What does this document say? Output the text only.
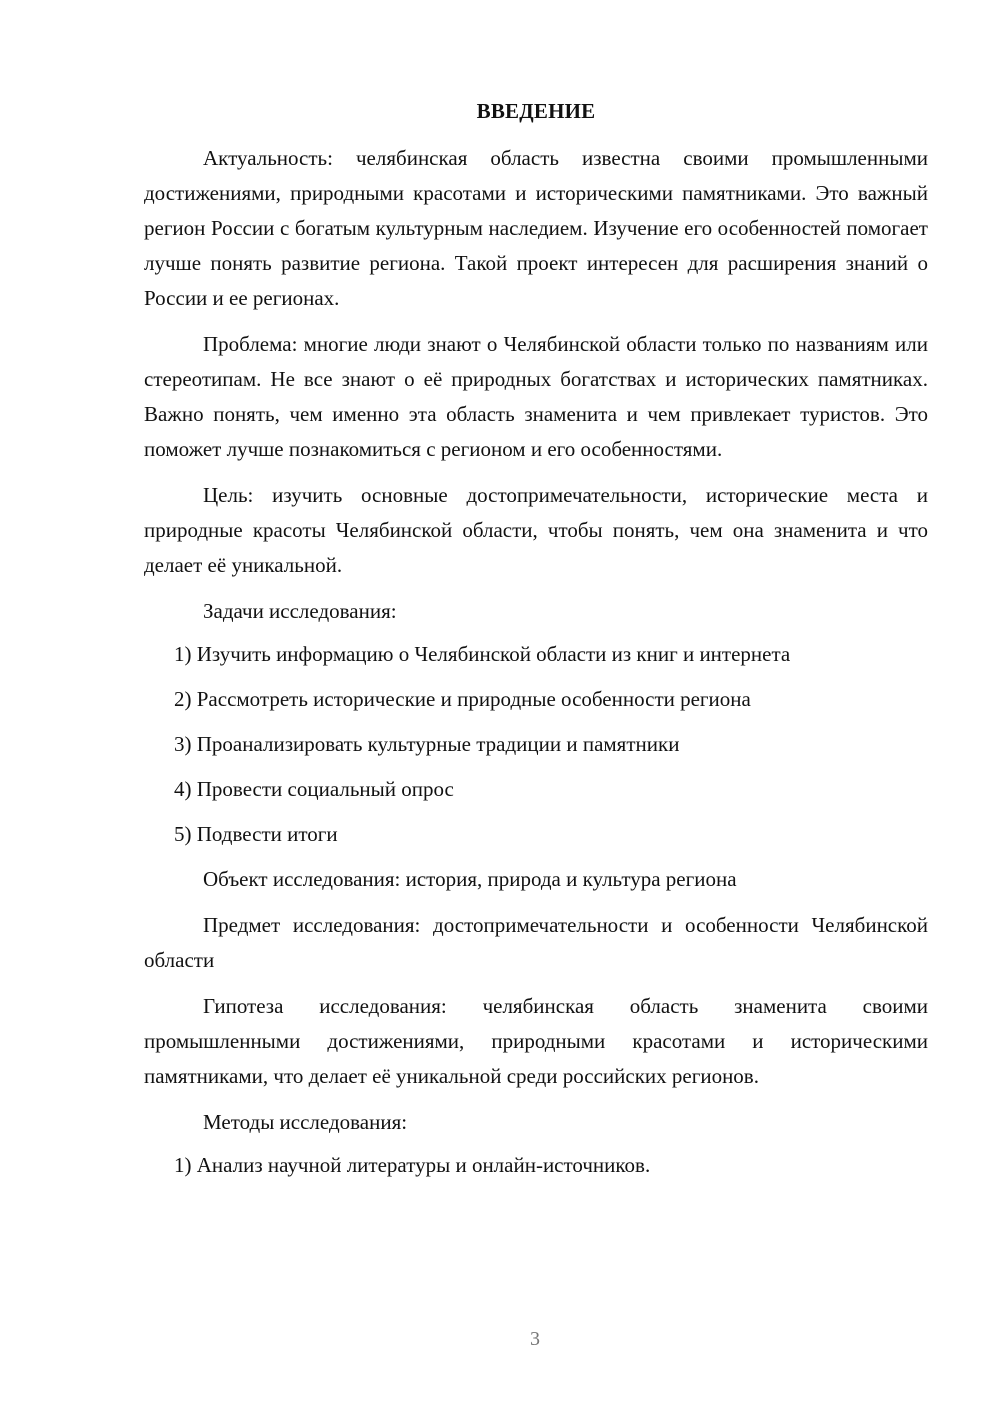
ВВЕДЕНИЕ

Актуальность: челябинская область известна своими промышленными достижениями, природными красотами и историческими памятниками. Это важный регион России с богатым культурным наследием. Изучение его особенностей помогает лучше понять развитие региона. Такой проект интересен для расширения знаний о России и ее регионах.

Проблема: многие люди знают о Челябинской области только по названиям или стереотипам. Не все знают о её природных богатствах и исторических памятниках. Важно понять, чем именно эта область знаменита и чем привлекает туристов. Это поможет лучше познакомиться с регионом и его особенностями.

Цель: изучить основные достопримечательности, исторические места и природные красоты Челябинской области, чтобы понять, чем она знаменита и что делает её уникальной.

Задачи исследования:

1) Изучить информацию о Челябинской области из книг и интернета
2) Рассмотреть исторические и природные особенности региона
3) Проанализировать культурные традиции и памятники
4) Провести социальный опрос
5) Подвести итоги

Объект исследования: история, природа и культура региона

Предмет исследования: достопримечательности и особенности Челябинской области

Гипотеза исследования: челябинская область знаменита своими промышленными достижениями, природными красотами и историческими памятниками, что делает её уникальной среди российских регионов.

Методы исследования:

1) Анализ научной литературы и онлайн-источников.
3
